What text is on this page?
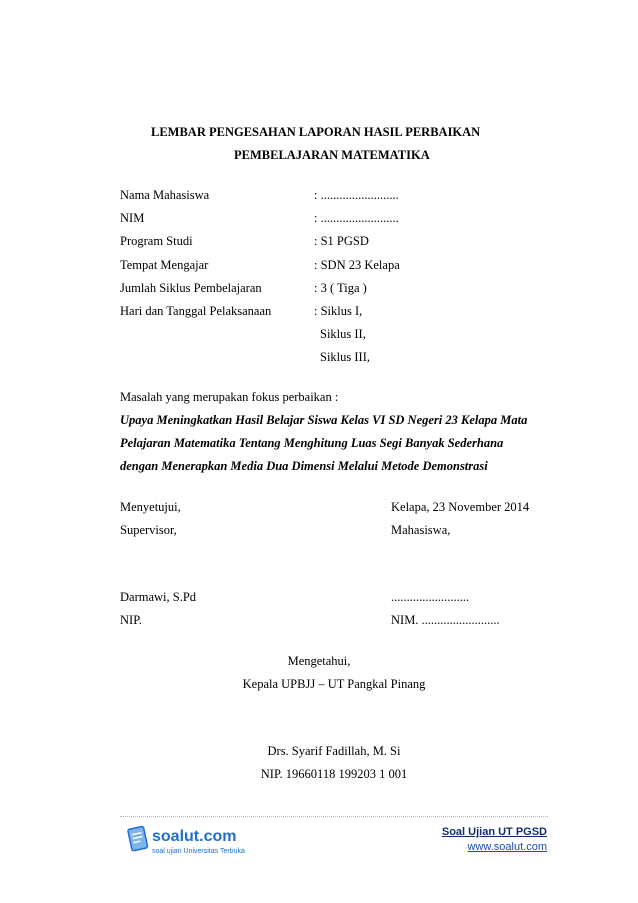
LEMBAR PENGESAHAN LAPORAN HASIL PERBAIKAN
PEMBELAJARAN MATEMATIKA
Nama Mahasiswa	: .........................
NIM	: .........................
Program Studi	: S1 PGSD
Tempat Mengajar	: SDN 23 Kelapa
Jumlah Siklus Pembelajaran	: 3 ( Tiga )
Hari dan Tanggal Pelaksanaan	: Siklus I,
Siklus II,
Siklus III,
Masalah yang merupakan fokus perbaikan :
Upaya Meningkatkan Hasil Belajar Siswa Kelas VI SD Negeri 23 Kelapa Mata
Pelajaran Matematika Tentang Menghitung Luas Segi Banyak Sederhana
dengan Menerapkan Media Dua Dimensi Melalui Metode Demonstrasi
Menyetujui,
Supervisor,
Darmawi, S.Pd
NIP.
Kelapa, 23 November 2014
Mahasiswa,
.........................
NIM. .........................
Mengetahui,
Kepala UPBJJ – UT Pangkal Pinang
Drs. Syarif Fadillah, M. Si
NIP. 19660118 199203 1 001
soalut.com
soal ujian Universitas Terbuka
Soal Ujian UT PGSD
www.soalut.com
